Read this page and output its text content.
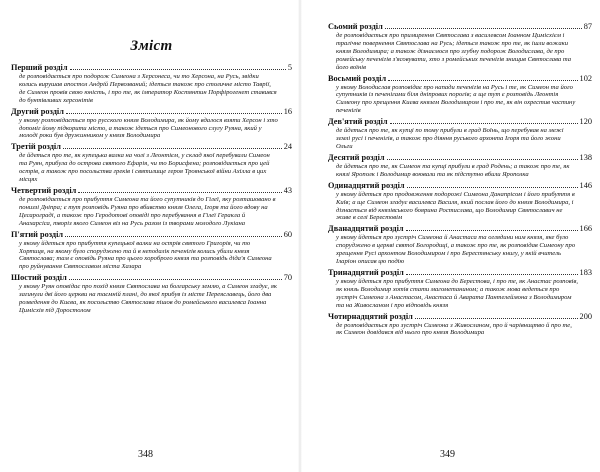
Зміст
Перший розділ	5
де розповідається про подорож Симеона з Херсонеса, чи то Херсона, на Русь, звідки колись вирушав апостол Андрій Первозваний; ідеться також про столичне місто Таврії, де Симеон провів свою юність, і про те, як імператор Костянтин Порфірогенет ставився до бунтівливих херсонітів
Другий розділ	16
у якому розповідається про русского князя Володимира, як йому вдалося взяти Херсон і хто допоміг йому підкорити місто, а також ідеться про Симеонового слугу Руяна, який у молоді роки був дружинником у князя Володимира
Третій розділ	24
де йдеться про те, як купецька валка на чолі з Леонтієм, у склад якої перебували Симеон та Руян, прибула до острова святого Ефарія, чи то Борисфена; розповідається про цей острів, а також про посольства греків і святилище героя Троянської війни Ахілла в цих місцях
Четвертий розділ	43
де розповідається про прибуття Симеона та його супутників до Гілеї, яку розташовано в пониззі Дніпра; є тут розповідь Руяна про вбивство князя Олега, Ігоря та його вдову на Цесарограді, а також про Геродотові оповіді про перебування в Гілеї Геракла й Анахарсіса, творіз якого Симеон віз на Русь разом із творами молодого Лукіана
П'ятий розділ	60
у якому йдеться про прибуття купецької валки на острів святого Григорія, чи то Хортиця, на якому було споруджено та й в неподалік печенігів колись убили князя Святослава; там є оповідь Руяна про цього хороброго князя та розповідь діда'я Симеона про руйнування Святославом міста Хазара
Шостий розділ	70
у якому Руян оповідає про похід князя Святослава на болгарську землю, а Симеон згадує, як загинули дві його церкви на таємній плані, до якої прибув із місте Переяславець, його два розведення до Києва, як посольство Святослава пішов до ромейського василевса Іоанна Цимісхія під Доростолом
348
Сьомий розділ	87
де розповідається про примирення Святослава з василевсом Іоанном Цимісхієм і трагічне повернення Святослава на Русь; ідеться також про те, як ішли вожаки князя Володимира; а також дізнаємося про згубну подорож Володислава, де про ромейську печенігів з'ясовувати, хто з ромейських печенігів знищив Святослава та його воїнів
Восьмий розділ	102
у якому Володислав розповідає про напади печенігів на Русь і те, як Симеон та його супутників із печенігами біля дніпрових порогів; а ще тут є розповідь Леонтія Симеону про хрещення Києва князем Володимиром і про те, як він охрестив частину печенігів
Дев'ятий розділ	120
де йдеться про те, як купці по тому прибули в град Воїнь, що перебував на межі землі русі і печенігів, а також про діяння руського архонта Ігоря та його жони Ольги
Десятий розділ	138
де йдеться про те, як Симеон та купці прибули в град Родень; а також про те, як князі Ярополк і Володимир воювали та як підступно вбили Ярополка
Одинадцятий розділ	146
у якому йдеться про продовження подорожі Симеона Данапрісом і його прибуття в Київ; а ще Симеон згадує василевса Василя, який послав його до князя Володимира, і дізнається від князівського боярина Ростислава, що Володимир Святославич не живе в селі Берестовім
Дванадцятий розділ	166
у якому йдеться про зустріч Симеона й Анастаса та оглядини ним князя, яке було споруджено в церкві святої Богородиці, а також про те, як розповідав Симеону про хрещення Русі архонтом Володимиром і про Берестянську книгу, у якій вчитель Іларіон описав цю подію
Тринадцятий розділ	183
у якому йдеться про прибуття Симеона до Берестова, і про те, як Анастас розповів, як князь Володимир хотів стати магометанином; а також мова ведеться про зустріч Симеона з Анастасом, Анастаса й Аварата Пантелеймона з Володимиром та на Живосланом і про відповідь князя
Чотирнадцятий розділ	200
де розповідається про зустріч Симеона з Живосланом, про й чарівництво й про те, як Симеон довідався від нього про князя Володимира
349
